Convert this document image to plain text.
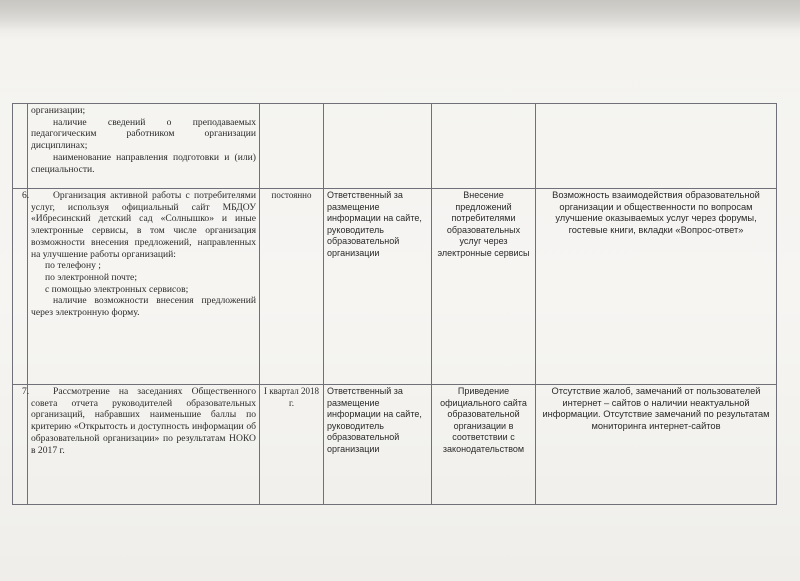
	организации;

наличие сведений о преподаваемых педагогическим работником организации дисциплинах;

наименование направления подготовки и (или) специальности.				

6.	Организация активной работы с потребителями услуг, используя официальный сайт МБДОУ «Ибресинский детский сад «Солнышко» и иные электронные сервисы, в том числе организация возможности внесения предложений, направленных на улучшение работы организаций:

по телефону ;

по электронной почте;

с помощью электронных сервисов;

наличие возможности внесения предложений через электронную форму.	постоянно	Ответственный за размещение информации на сайте, руководитель образовательной организации	Внесение предложений потребителями образовательных услуг через электронные сервисы	Возможность взаимодействия образовательной организации и общественности по вопросам улучшение оказываемых услуг через форумы, гостевые книги, вкладки «Вопрос-ответ»
7.	Рассмотрение на заседаниях Общественного совета отчета руководителей образовательных организаций, набравших наименьшие баллы по критерию «Открытость и доступность информации об образовательной организации» по результатам НОКО в 2017 г.	I квартал 2018 г.	Ответственный за размещение информации на сайте, руководитель образовательной организации	Приведение официального сайта образовательной организации в соответствии с законодательством	Отсутствие жалоб, замечаний от пользователей интернет – сайтов о наличии неактуальной информации. Отсутствие замечаний по результатам мониторинга интернет-сайтов
